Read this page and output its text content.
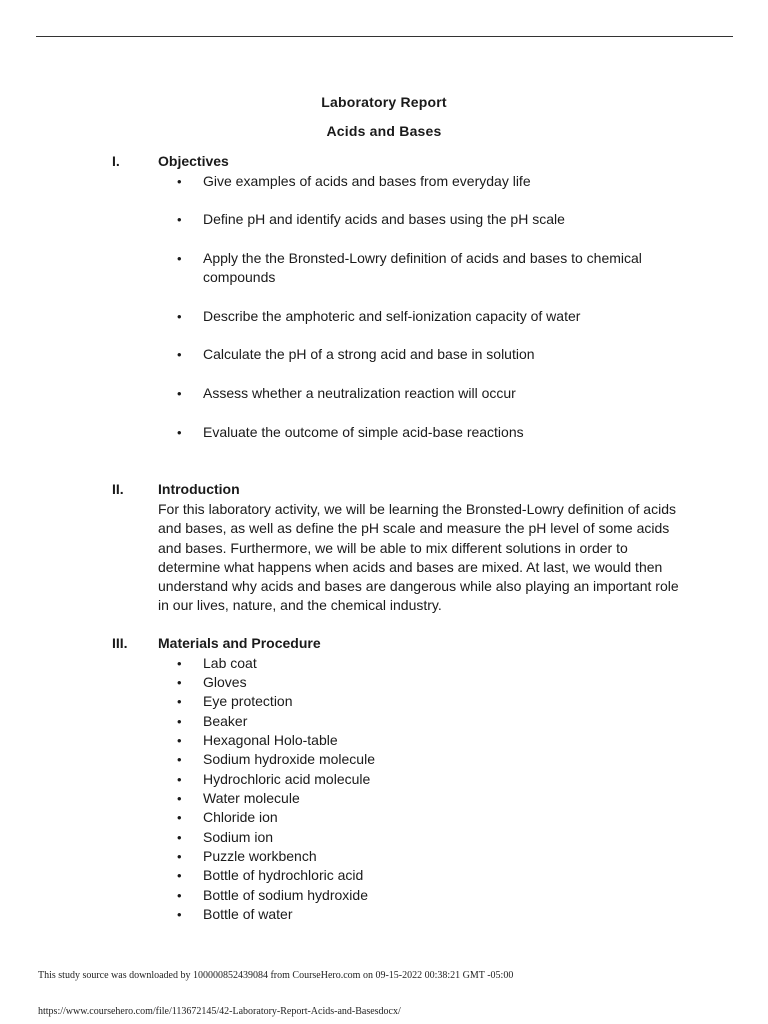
Laboratory Report
Acids and Bases
I.	Objectives
• Give examples of acids and bases from everyday life
• Define pH and identify acids and bases using the pH scale
• Apply the the Bronsted-Lowry definition of acids and bases to chemical compounds
• Describe the amphoteric and self-ionization capacity of water
• Calculate the pH of a strong acid and base in solution
• Assess whether a neutralization reaction will occur
• Evaluate the outcome of simple acid-base reactions
II. Introduction
For this laboratory activity, we will be learning the Bronsted-Lowry definition of acids and bases, as well as define the pH scale and measure the pH level of some acids and bases. Furthermore, we will be able to mix different solutions in order to determine what happens when acids and bases are mixed. At last, we would then understand why acids and bases are dangerous while also playing an important role in our lives, nature, and the chemical industry.
III. Materials and Procedure
• Lab coat
• Gloves
• Eye protection
• Beaker
• Hexagonal Holo-table
• Sodium hydroxide molecule
• Hydrochloric acid molecule
• Water molecule
• Chloride ion
• Sodium ion
• Puzzle workbench
• Bottle of hydrochloric acid
• Bottle of sodium hydroxide
• Bottle of water
This study source was downloaded by 100000852439084 from CourseHero.com on 09-15-2022 00:38:21 GMT -05:00
https://www.coursehero.com/file/113672145/42-Laboratory-Report-Acids-and-Basesdocx/
